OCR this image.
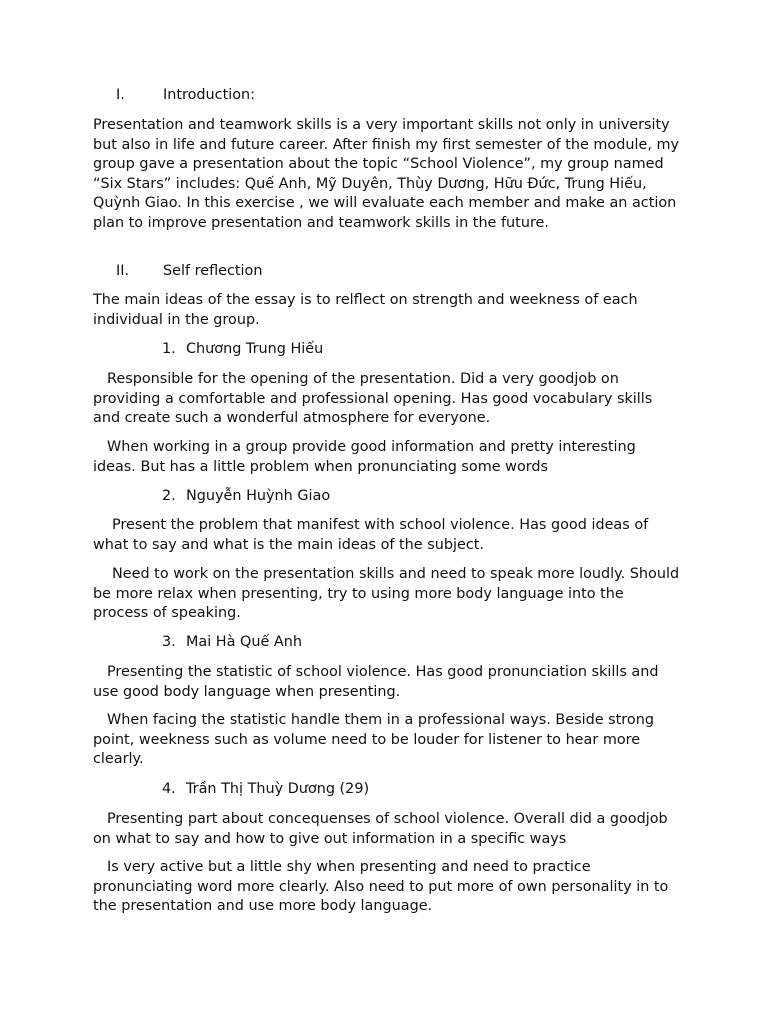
I.	Introduction:

Presentation and teamwork skills is a very important skills not only in university but also in life and future career. After finish my first semester of the module, my group gave a presentation about the topic “School Violence”, my group named “Six Stars” includes: Quế Anh, Mỹ Duyên, Thùy Dương, Hữu Đức, Trung Hiếu, Quỳnh Giao. In this exercise , we will evaluate each member and make an action plan to improve presentation and teamwork skills in the future.

II.	Self reflection

The main ideas of the essay is to relflect on strength and weekness of each individual in the group.

1. Chương Trung Hiếu

Responsible for the opening of the presentation. Did a very goodjob on providing a comfortable and professional opening. Has good vocabulary skills and create such a wonderful atmosphere for everyone.

When working in a group provide good information and pretty interesting ideas. But has a little problem when pronunciating some words

2. Nguyễn Huỳnh Giao

Present the problem that manifest with school violence. Has good ideas of what to say and what is the main ideas of the subject.

Need to work on the presentation skills and need to speak more loudly. Should be more relax when presenting, try to using more body language into the process of speaking.

3. Mai Hà Quế Anh

Presenting the statistic of school violence. Has good pronunciation skills and use good body language when presenting.

When facing the statistic handle them in a professional ways. Beside strong point, weekness such as volume need to be louder for listener to hear more clearly.

4. Trần Thị Thuỳ Dương (29)

Presenting part about concequenses of school violence. Overall did a goodjob on what to say and how to give out information in a specific ways

Is very active but a little shy when presenting and need to practice pronunciating word more clearly. Also need to put more of own personality in to the presentation and use more body language.
